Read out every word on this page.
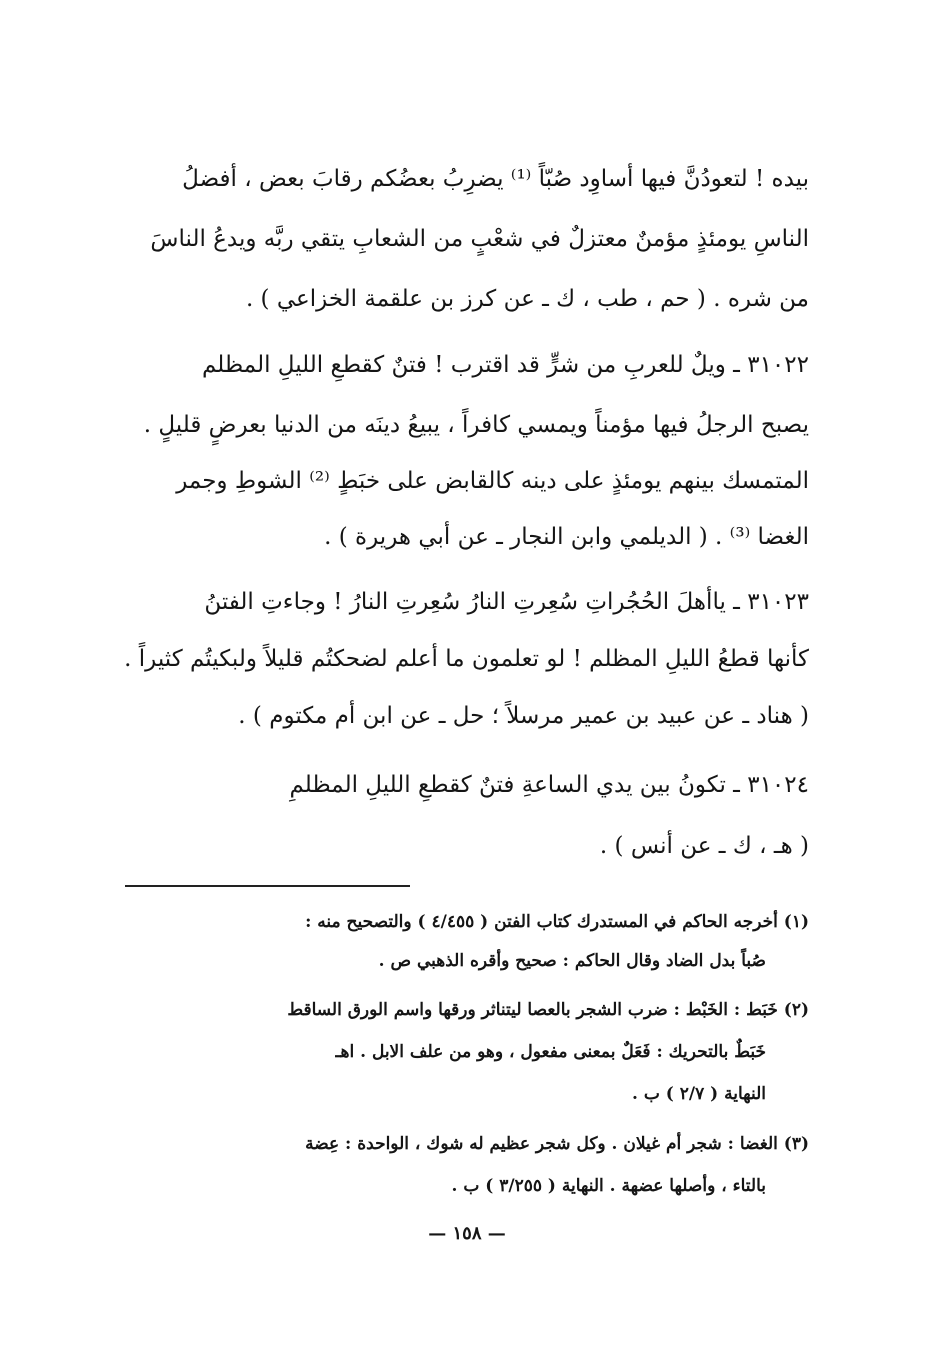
بيده ! لتعودُنَّ فيها أساوِد صُبّاً ⁽¹⁾ يضرِبُ بعضُكم رقابَ بعض ، أفضلُ
الناسِ يومئذٍ مؤمنٌ معتزلٌ في شعْبٍ من الشعابِ يتقي ربَّه ويدعُ الناسَ
من شره . ( حم ، طب ، ك ـ عن كرز بن علقمة الخزاعي ) .
٣١٠٢٢ ـ ويلٌ للعربِ من شرٍّ قد اقترب ! فتنٌ كقطعِ الليلِ المظلم
يصبح الرجلُ فيها مؤمناً ويمسي كافراً ، يبيعُ دينَه من الدنيا بعرضٍ قليلٍ .
المتمسك بينهم يومئذٍ على دينه كالقابض على خبَطٍ ⁽²⁾ الشوطِ وجمر
الغضا ⁽³⁾ . ( الديلمي وابن النجار ـ عن أبي هريرة ) .
٣١٠٢٣ ـ ياأهلَ الحُجُراتِ سُعِرتِ النارُ سُعِرتِ النارُ ! وجاءتِ الفتنُ
كأنها قطعُ الليلِ المظلم ! لو تعلمون ما أعلم لضحكتُم قليلاً ولبكيتُم كثيراً .
( هناد ـ عن عبيد بن عمير مرسلاً ؛ حل ـ عن ابن أم مكتوم ) .
٣١٠٢٤ ـ تكونُ بين يدي الساعةِ فتنٌ كقطعِ الليلِ المظلمِ
( هـ ، ك ـ عن أنس ) .
(١) أخرجه الحاكم في المستدرك كتاب الفتن ( ٤/٤٥٥ ) والتصحيح منه :
صُباً بدل الضاد وقال الحاكم : صحيح وأقره الذهبي ص .
(٢) خَبَط : الخَبْط : ضرب الشجر بالعصا ليتناثر ورقها واسم الورق الساقط
خَبَطٌ بالتحريك : فَعَلٌ بمعنى مفعول ، وهو من علف الابل . اهـ
النهاية ( ٢/٧ ) ب .
(٣) الغضا : شجر أم غيلان . وكل شجر عظيم له شوك ، الواحدة : عِضة
بالتاء ، وأصلها عضهة . النهاية ( ٣/٢٥٥ ) ب .
— ١٥٨ —
